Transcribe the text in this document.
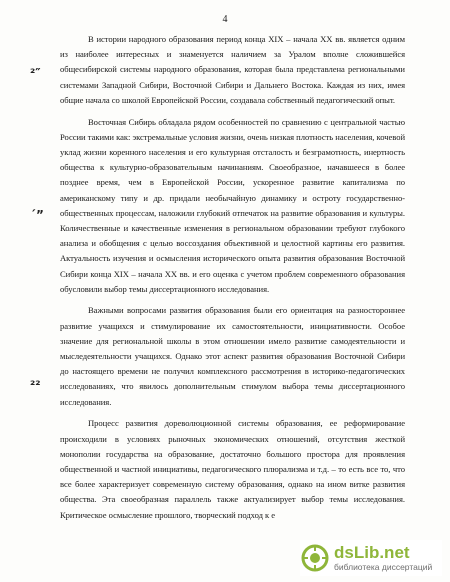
4
²″
´”
²²

В истории народного образования период конца XIX – начала XX вв. является одним из наиболее интересных и знаменуется наличием за Уралом вполне сложившейся общесибирской системы народного образования, которая была представлена региональными системами Западной Сибири, Восточной Сибири и Дальнего Востока. Каждая из них, имея общие начала со школой Европейской России, создавала собственный педагогический опыт.

Восточная Сибирь обладала рядом особенностей по сравнению с центральной частью России такими как: экстремальные условия жизни, очень низкая плотность населения, кочевой уклад жизни коренного населения и его культурная отсталость и безграмотность, инертность общества к культурно-образовательным начинаниям. Своеобразное, начавшееся в более позднее время, чем в Европейской России, ускоренное развитие капитализма по американскому типу и др. придали необычайную динамику и остроту государственно-общественных процессам, наложили глубокий отпечаток на развитие образования и культуры. Количественные и качественные изменения в региональном образовании требуют глубокого анализа и обобщения с целью воссоздания объективной и целостной картины его развития. Актуальность изучения и осмысления исторического опыта развития образования Восточной Сибири конца XIX – начала XX вв. и его оценка с учетом проблем современного образования обусловили выбор темы диссертационного исследования.

Важными вопросами развития образования были его ориентация на разностороннее развитие учащихся и стимулирование их самостоятельности, инициативности. Особое значение для региональной школы в этом отношении имело развитие самодеятельности и мыследеятельности учащихся. Однако этот аспект развития образования Восточной Сибири до настоящего времени не получил комплексного рассмотрения в историко-педагогических исследованиях, что явилось дополнительным стимулом выбора темы диссертационного исследования.

Процесс развития дореволюционной системы образования, ее реформирование происходили в условиях рыночных экономических отношений, отсутствия жесткой монополии государства на образование, достаточно большого простора для проявления общественной и частной инициативы, педагогического плюрализма и т.д. – то есть все то, что все более характеризует современную систему образования, однако на ином витке развития общества. Эта своеобразная параллель также актуализирует выбор темы исследования. Критическое осмысление прошлого, творческий подход к е

dsLib.net
библиотека диссертаций
